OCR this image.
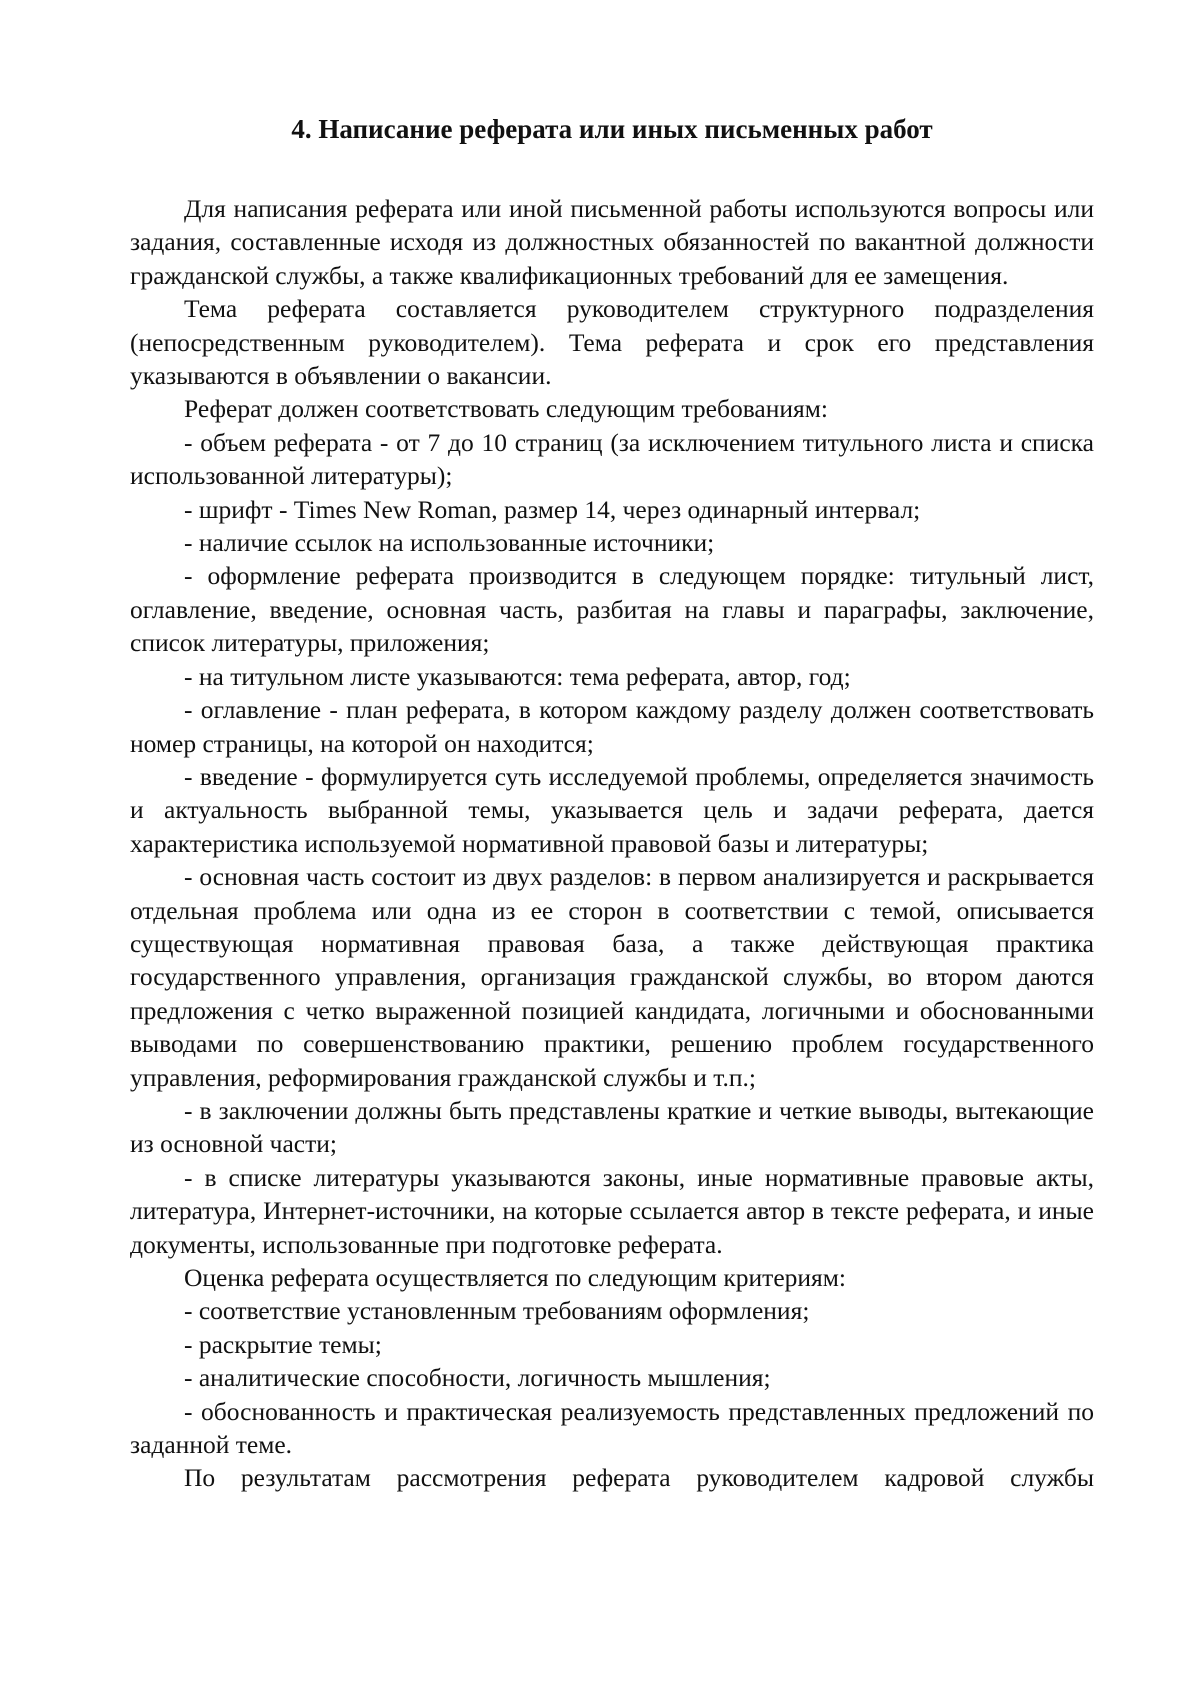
4. Написание реферата или иных письменных работ

Для написания реферата или иной письменной работы используются вопросы или задания, составленные исходя из должностных обязанностей по вакантной должности гражданской службы, а также квалификационных требований для ее замещения.

Тема реферата составляется руководителем структурного подразделения (непосредственным руководителем). Тема реферата и срок его представления указываются в объявлении о вакансии.

Реферат должен соответствовать следующим требованиям:

- объем реферата - от 7 до 10 страниц (за исключением титульного листа и списка использованной литературы);

- шрифт - Times New Roman, размер 14, через одинарный интервал;

- наличие ссылок на использованные источники;

- оформление реферата производится в следующем порядке: титульный лист, оглавление, введение, основная часть, разбитая на главы и параграфы, заключение, список литературы, приложения;

- на титульном листе указываются: тема реферата, автор, год;

- оглавление - план реферата, в котором каждому разделу должен соответствовать номер страницы, на которой он находится;

- введение - формулируется суть исследуемой проблемы, определяется значимость и актуальность выбранной темы, указывается цель и задачи реферата, дается характеристика используемой нормативной правовой базы и литературы;

- основная часть состоит из двух разделов: в первом анализируется и раскрывается отдельная проблема или одна из ее сторон в соответствии с темой, описывается существующая нормативная правовая база, а также действующая практика государственного управления, организация гражданской службы, во втором даются предложения с четко выраженной позицией кандидата, логичными и обоснованными выводами по совершенствованию практики, решению проблем государственного управления, реформирования гражданской службы и т.п.;

- в заключении должны быть представлены краткие и четкие выводы, вытекающие из основной части;

- в списке литературы указываются законы, иные нормативные правовые акты, литература, Интернет-источники, на которые ссылается автор в тексте реферата, и иные документы, использованные при подготовке реферата.

Оценка реферата осуществляется по следующим критериям:

- соответствие установленным требованиям оформления;

- раскрытие темы;

- аналитические способности, логичность мышления;

- обоснованность и практическая реализуемость представленных предложений по заданной теме.

По результатам рассмотрения реферата руководителем кадровой службы
